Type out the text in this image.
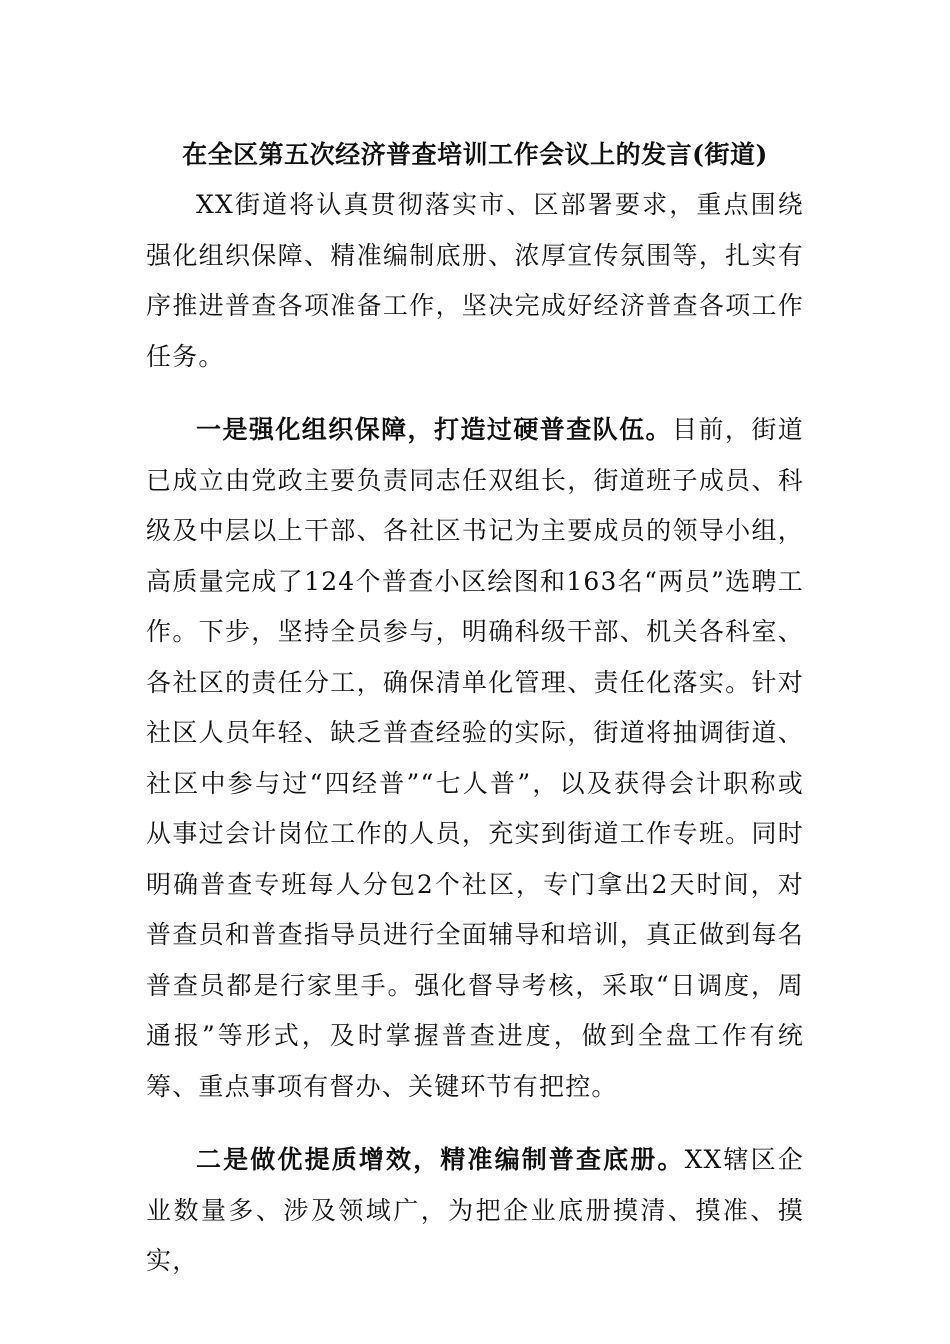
在全区第五次经济普查培训工作会议上的发言(街道)

XX街道将认真贯彻落实市、区部署要求，重点围绕强化组织保障、精准编制底册、浓厚宣传氛围等，扎实有序推进普查各项准备工作，坚决完成好经济普查各项工作任务。

一是强化组织保障，打造过硬普查队伍。目前，街道已成立由党政主要负责同志任双组长，街道班子成员、科级及中层以上干部、各社区书记为主要成员的领导小组，高质量完成了124个普查小区绘图和163名“两员”选聘工作。下步，坚持全员参与，明确科级干部、机关各科室、各社区的责任分工，确保清单化管理、责任化落实。针对社区人员年轻、缺乏普查经验的实际，街道将抽调街道、社区中参与过“四经普”“七人普”，以及获得会计职称或从事过会计岗位工作的人员，充实到街道工作专班。同时明确普查专班每人分包2个社区，专门拿出2天时间，对普查员和普查指导员进行全面辅导和培训，真正做到每名普查员都是行家里手。强化督导考核，采取“日调度，周通报”等形式，及时掌握普查进度，做到全盘工作有统筹、重点事项有督办、关键环节有把控。

二是做优提质增效，精准编制普查底册。XX辖区企业数量多、涉及领域广，为把企业底册摸清、摸准、摸实，
